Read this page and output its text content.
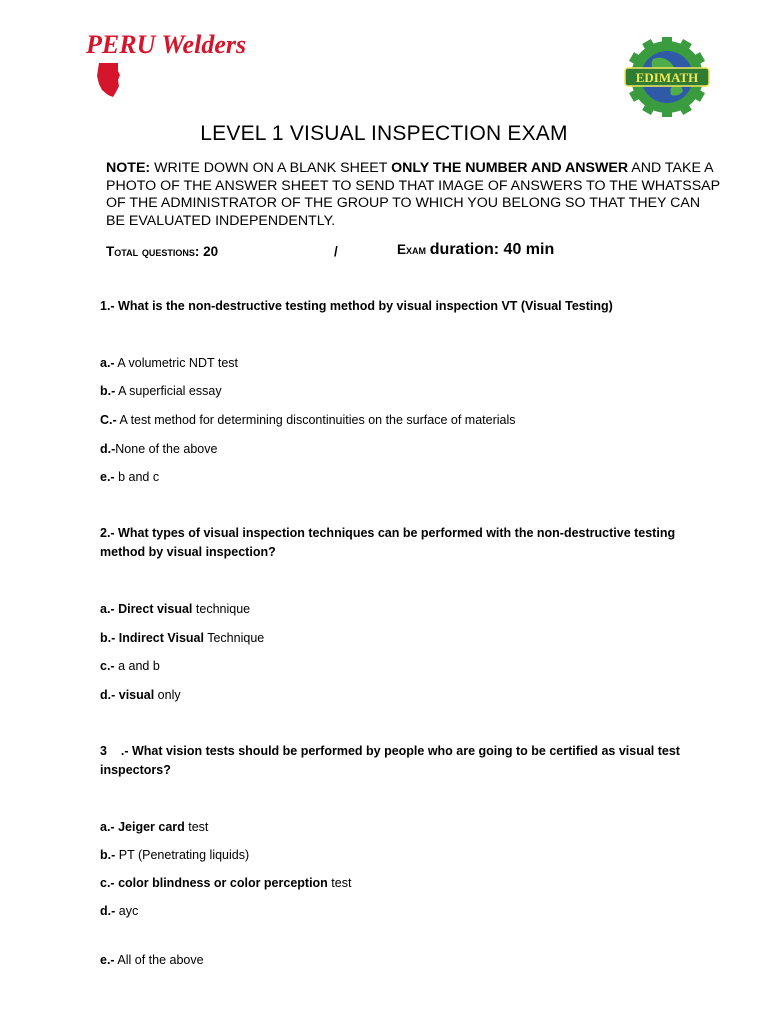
PERU Welders
EDIMATH
LEVEL 1 VISUAL INSPECTION EXAM
NOTE: WRITE DOWN ON A BLANK SHEET ONLY THE NUMBER AND ANSWER AND TAKE A PHOTO OF THE ANSWER SHEET TO SEND THAT IMAGE OF ANSWERS TO THE WHATSSAP OF THE ADMINISTRATOR OF THE GROUP TO WHICH YOU BELONG SO THAT THEY CAN BE EVALUATED INDEPENDENTLY.
Total questions: 20	/	Exam duration: 40 min
1.- What is the non-destructive testing method by visual inspection VT (Visual Testing)
a.- A volumetric NDT test
b.- A superficial essay
C.- A test method for determining discontinuities on the surface of materials
d.-None of the above
e.- b and c
2.- What types of visual inspection techniques can be performed with the non-destructive testing method by visual inspection?
a.- Direct visual technique
b.- Indirect Visual Technique
c.- a and b
d.- visual only
3    .- What vision tests should be performed by people who are going to be certified as visual test inspectors?
a.- Jeiger card test
b.- PT (Penetrating liquids)
c.- color blindness or color perception test
d.- ayc
e.- All of the above
